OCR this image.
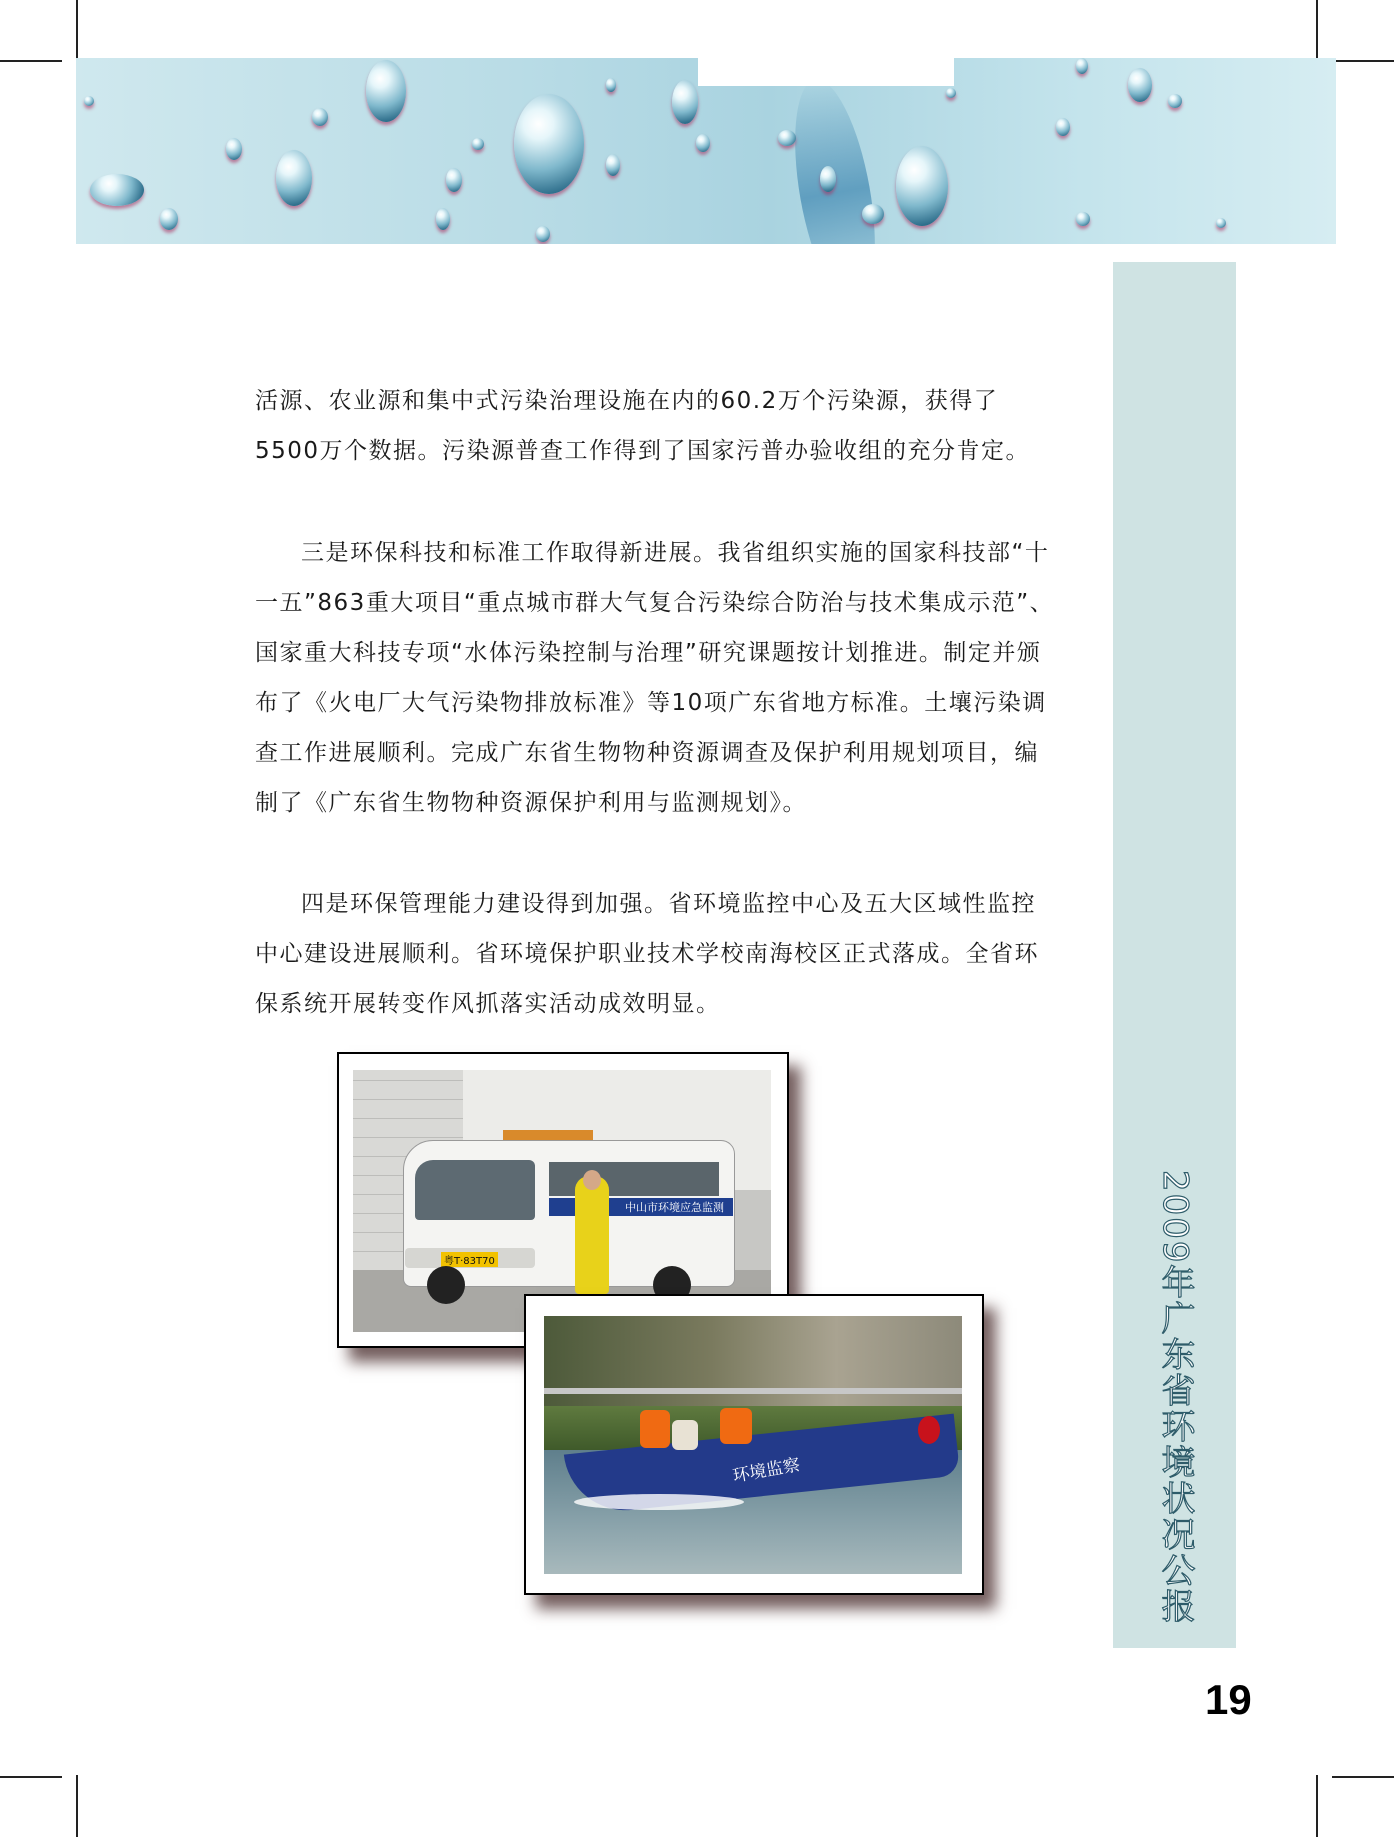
2009年广东省环境状况公报

活源、农业源和集中式污染治理设施在内的60.2万个污染源，获得了5500万个数据。污染源普查工作得到了国家污普办验收组的充分肯定。

三是环保科技和标准工作取得新进展。我省组织实施的国家科技部“十一五”863重大项目“重点城市群大气复合污染综合防治与技术集成示范”、国家重大科技专项“水体污染控制与治理”研究课题按计划推进。制定并颁布了《火电厂大气污染物排放标准》等10项广东省地方标准。土壤污染调查工作进展顺利。完成广东省生物物种资源调查及保护利用规划项目，编制了《广东省生物物种资源保护利用与监测规划》。

四是环保管理能力建设得到加强。省环境监控中心及五大区域性监控中心建设进展顺利。省环境保护职业技术学校南海校区正式落成。全省环保系统开展转变作风抓落实活动成效明显。

中山市环境应急监测
粤T·83T70
环境监察
19
